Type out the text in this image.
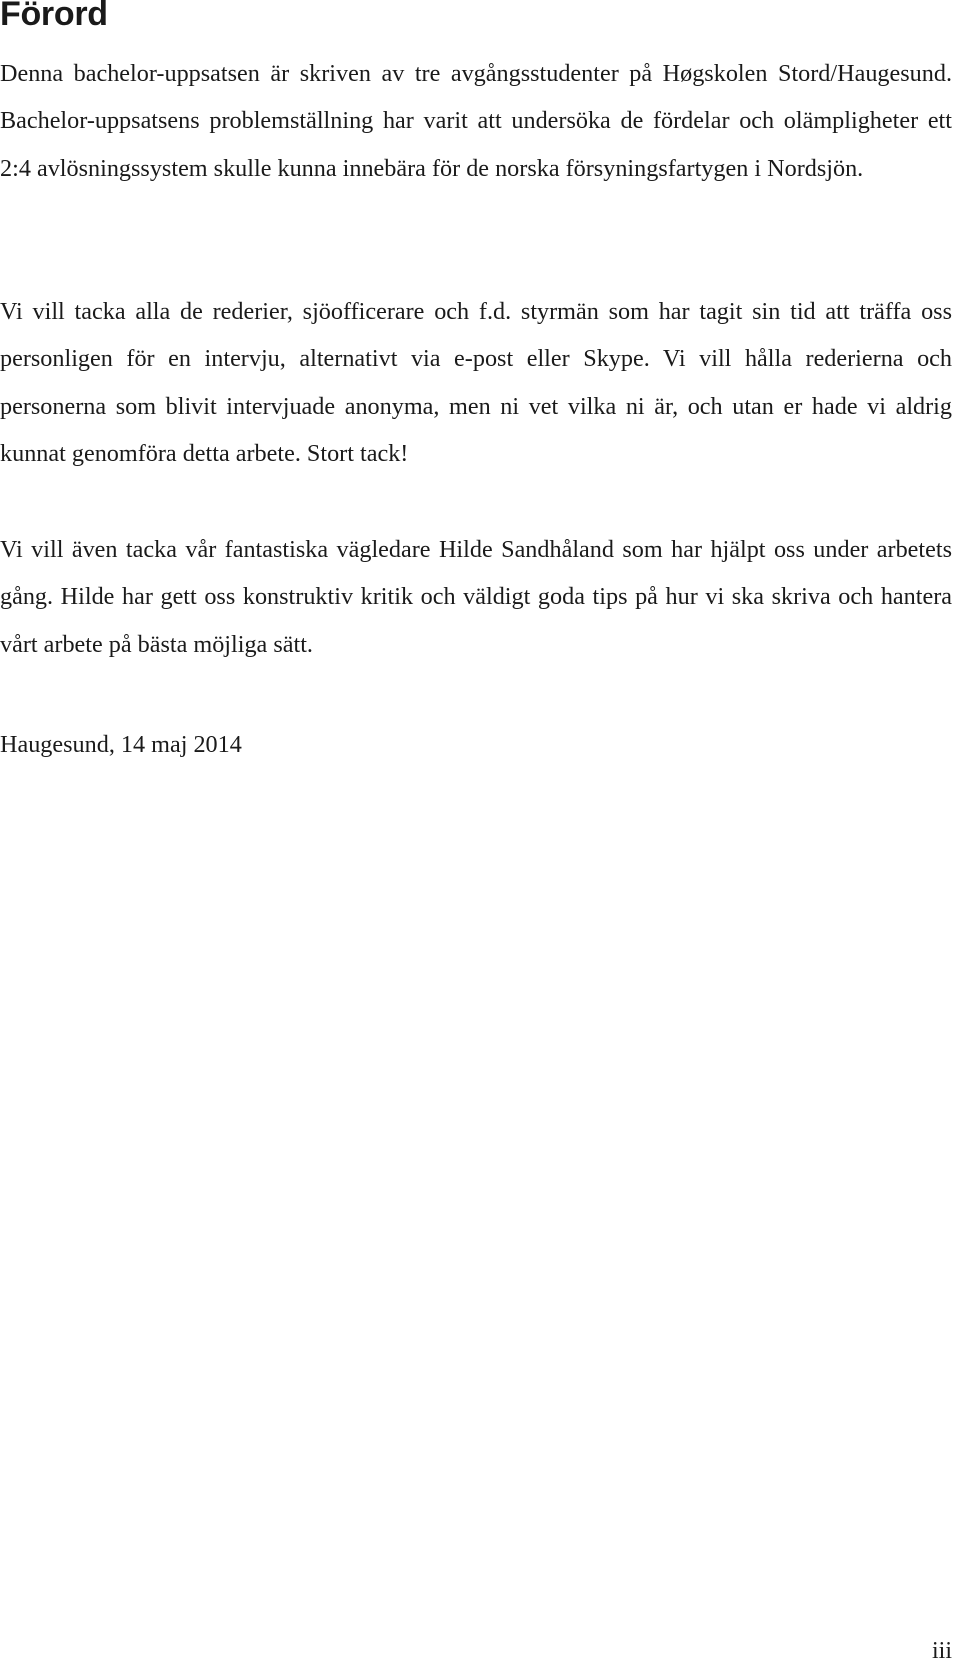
Förord

Denna bachelor-uppsatsen är skriven av tre avgångsstudenter på Høgskolen Stord/Haugesund. Bachelor-uppsatsens problemställning har varit att undersöka de fördelar och olämpligheter ett 2:4 avlösningssystem skulle kunna innebära för de norska försyningsfartygen i Nordsjön.

Vi vill tacka alla de rederier, sjöofficerare och f.d. styrmän som har tagit sin tid att träffa oss personligen för en intervju, alternativt via e-post eller Skype. Vi vill hålla rederierna och personerna som blivit intervjuade anonyma, men ni vet vilka ni är, och utan er hade vi aldrig kunnat genomföra detta arbete. Stort tack!

Vi vill även tacka vår fantastiska vägledare Hilde Sandhåland som har hjälpt oss under arbetets gång. Hilde har gett oss konstruktiv kritik och väldigt goda tips på hur vi ska skriva och hantera vårt arbete på bästa möjliga sätt.

Haugesund, 14 maj 2014

iii
